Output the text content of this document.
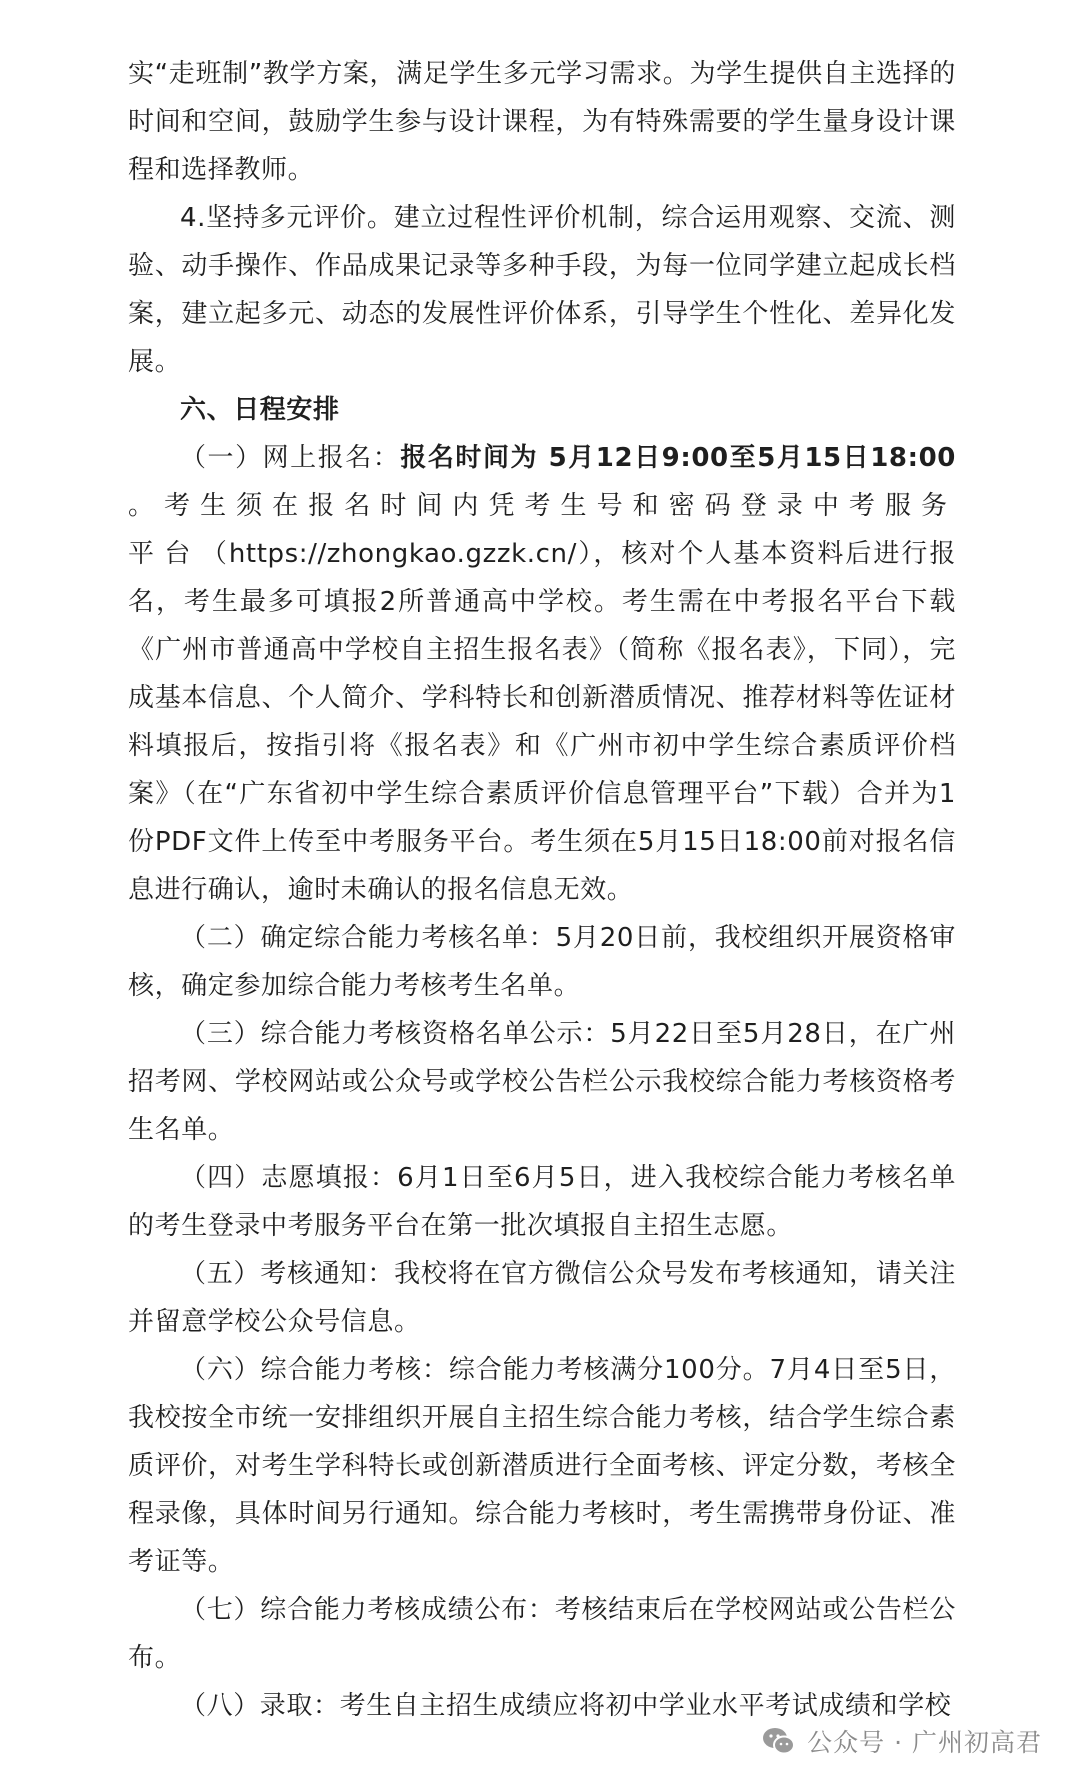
实“走班制”教学方案，满足学生多元学习需求。为学生提供自主选择的时间和空间，鼓励学生参与设计课程，为有特殊需要的学生量身设计课程和选择教师。

4.坚持多元评价。建立过程性评价机制，综合运用观察、交流、测验、动手操作、作品成果记录等多种手段，为每一位同学建立起成长档案，建立起多元、动态的发展性评价体系，引导学生个性化、差异化发展。

六、日程安排

（一）网上报名：报名时间为 5月12日9:00至5月15日18:00 。考生须在报名时间内凭考生号和密码登录中考服务平台（https://zhongkao.gzzk.cn/），核对个人基本资料后进行报名，考生最多可填报2所普通高中学校。考生需在中考报名平台下载《广州市普通高中学校自主招生报名表》（简称《报名表》，下同），完成基本信息、个人简介、学科特长和创新潜质情况、推荐材料等佐证材料填报后，按指引将《报名表》和《广州市初中学生综合素质评价档案》（在“广东省初中学生综合素质评价信息管理平台”下载）合并为1份PDF文件上传至中考服务平台。考生须在5月15日18:00前对报名信息进行确认，逾时未确认的报名信息无效。

（二）确定综合能力考核名单：5月20日前，我校组织开展资格审核，确定参加综合能力考核考生名单。

（三）综合能力考核资格名单公示：5月22日至5月28日，在广州招考网、学校网站或公众号或学校公告栏公示我校综合能力考核资格考生名单。

（四）志愿填报：6月1日至6月5日，进入我校综合能力考核名单的考生登录中考服务平台在第一批次填报自主招生志愿。

（五）考核通知：我校将在官方微信公众号发布考核通知，请关注并留意学校公众号信息。

（六）综合能力考核：综合能力考核满分100分。7月4日至5日，我校按全市统一安排组织开展自主招生综合能力考核，结合学生综合素质评价，对考生学科特长或创新潜质进行全面考核、评定分数，考核全程录像，具体时间另行通知。综合能力考核时，考生需携带身份证、准考证等。

（七）综合能力考核成绩公布：考核结束后在学校网站或公告栏公布。

（八）录取：考生自主招生成绩应将初中学业水平考试成绩和学校

公众号 · 广州初高君
